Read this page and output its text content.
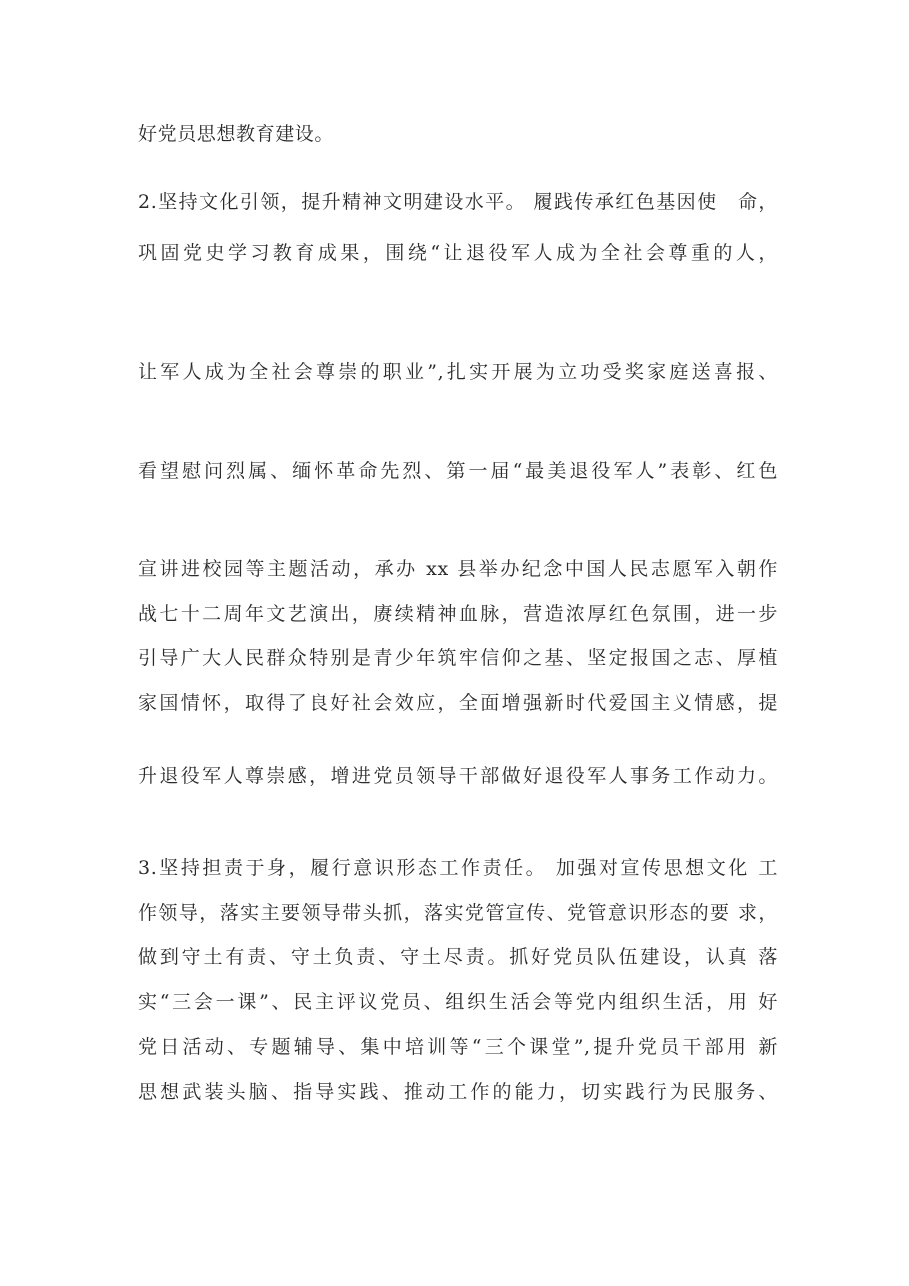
好党员思想教育建设。
2.坚持文化引领，提升精神文明建设水平。 履践传承红色基因使　命，
巩固党史学习教育成果，围绕“让退役军人成为全社会尊重的人，
让军人成为全社会尊崇的职业”,扎实开展为立功受奖家庭送喜报、
看望慰问烈属、缅怀革命先烈、第一届“最美退役军人”表彰、红色
宣讲进校园等主题活动，承办 xx 县举办纪念中国人民志愿军入朝作
战七十二周年文艺演出，赓续精神血脉，营造浓厚红色氛围，进一步
引导广大人民群众特别是青少年筑牢信仰之基、坚定报国之志、厚植
家国情怀，取得了良好社会效应，全面增强新时代爱国主义情感，提
升退役军人尊崇感，增进党员领导干部做好退役军人事务工作动力。
3.坚持担责于身，履行意识形态工作责任。 加强对宣传思想文化 工
作领导，落实主要领导带头抓，落实党管宣传、党管意识形态的要 求，
做到守土有责、守土负责、守土尽责。抓好党员队伍建设，认真 落
实“三会一课”、民主评议党员、组织生活会等党内组织生活，用 好
党日活动、专题辅导、集中培训等“三个课堂”,提升党员干部用 新
思想武装头脑、指导实践、推动工作的能力，切实践行为民服务、
